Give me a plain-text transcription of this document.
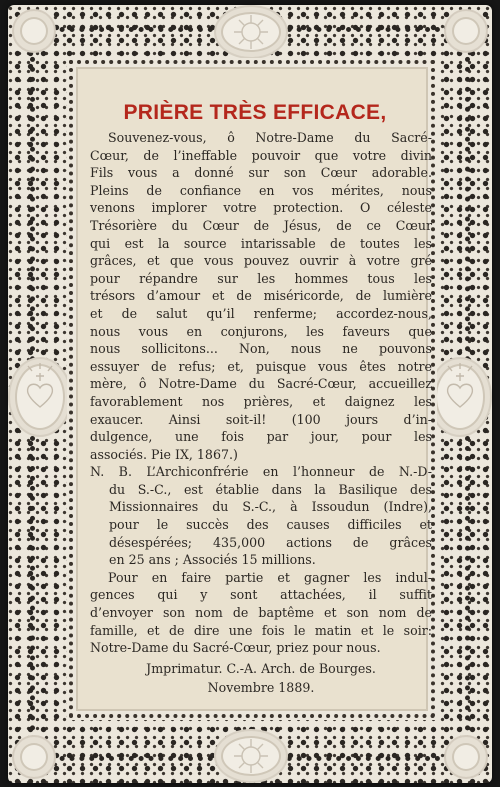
PRIÈRE TRÈS EFFICACE,
Souvenez-vous, ô Notre-Dame du Sacré-
Cœur, de l’ineffable pouvoir que votre divin
Fils vous a donné sur son Cœur adorable.
Pleins de confiance en vos mérites, nous
venons implorer votre protection. O céleste
Trésorière du Cœur de Jésus, de ce Cœur
qui est la source intarissable de toutes les
grâces, et que vous pouvez ouvrir à votre gré
pour répandre sur les hommes tous les
trésors d’amour et de miséricorde, de lumière
et de salut qu’il renferme; accordez-nous,
nous vous en conjurons, les faveurs que
nous sollicitons... Non, nous ne pouvons
essuyer de refus; et, puisque vous êtes notre
mère, ô Notre-Dame du Sacré-Cœur, accueillez
favorablement nos prières, et daignez les
exaucer. Ainsi soit-il! (100 jours d’in-
dulgence, une fois par jour, pour les
associés. Pie IX, 1867.)
N. B. L’Archiconfrérie en l’honneur de N.-D-
du S.-C., est établie dans la Basilique des
Missionnaires du S.-C., à Issoudun (Indre),
pour le succès des causes difficiles et
désespérées; 435,000 actions de grâces
en 25 ans ; Associés 15 millions.
Pour en faire partie et gagner les indul-
gences qui y sont attachées, il suffit
d’envoyer son nom de baptême et son nom de
famille, et de dire une fois le matin et le soir:
Notre-Dame du Sacré-Cœur, priez pour nous.
Jmprimatur. C.-A. Arch. de Bourges.
Novembre 1889.
